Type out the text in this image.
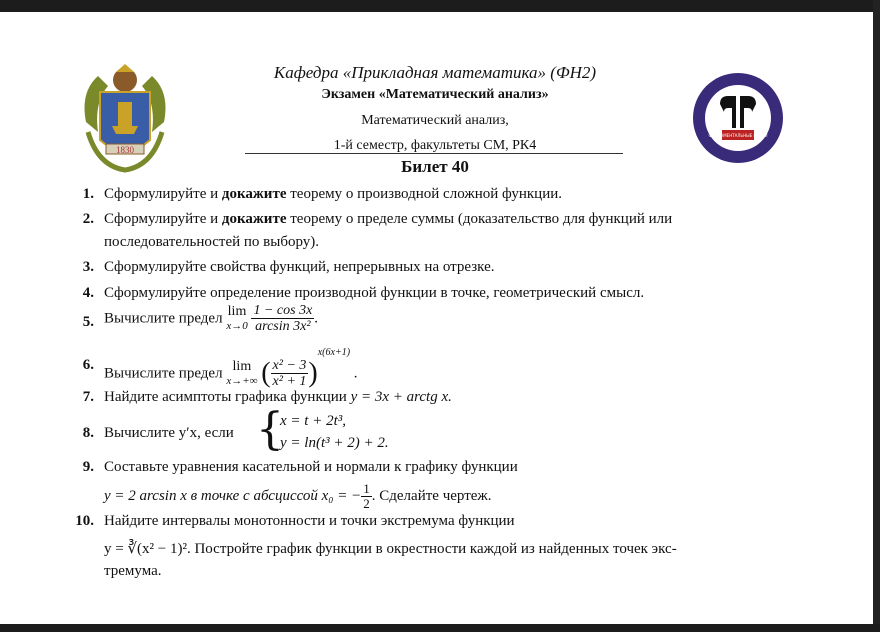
1830
ФУНДАМЕНТАЛЬНЫЕ НАУКИ
Кафедра «Прикладная математика» (ФН2)
Экзамен «Математический анализ»
Математический анализ,
1-й семестр, факультеты СМ, РК4
Билет 40
1. Сформулируйте и докажите теорему о производной сложной функции.
2. Сформулируйте и докажите теорему о пределе суммы (доказательство для функций или
последовательностей по выбору).
3. Сформулируйте свойства функций, непрерывных на отрезке.
4. Сформулируйте определение производной функции в точке, геометрический смысл.
5. Вычислите предел lim
x→0
$\frac{1 - \cos 3x}{\text{arcsin 3x²}}$ .
6.
Вычислите предел lim
x→+∞ ( $\frac{\text{x² − 3}}{\text{x² + 1}} )^{x(6x+1)}$ .
7. Найдите асимптоты графика функции y = 3x + arctg x.
8. Вычислите y′x, если {
x = t + 2t³,
y = ln(t³ + 2) + 2.
9. Составьте уравнения касательной и нормали к графику функции
y = 2 arcsin x в точке с абсциссой x₀ = − $\frac{1}{2}$ . Сделайте чертеж.
10. Найдите интервалы монотонности и точки экстремума функции
y = ∛(x² − 1)². Постройте график функции в окрестности каждой из найденных точек экс-
тремума.
